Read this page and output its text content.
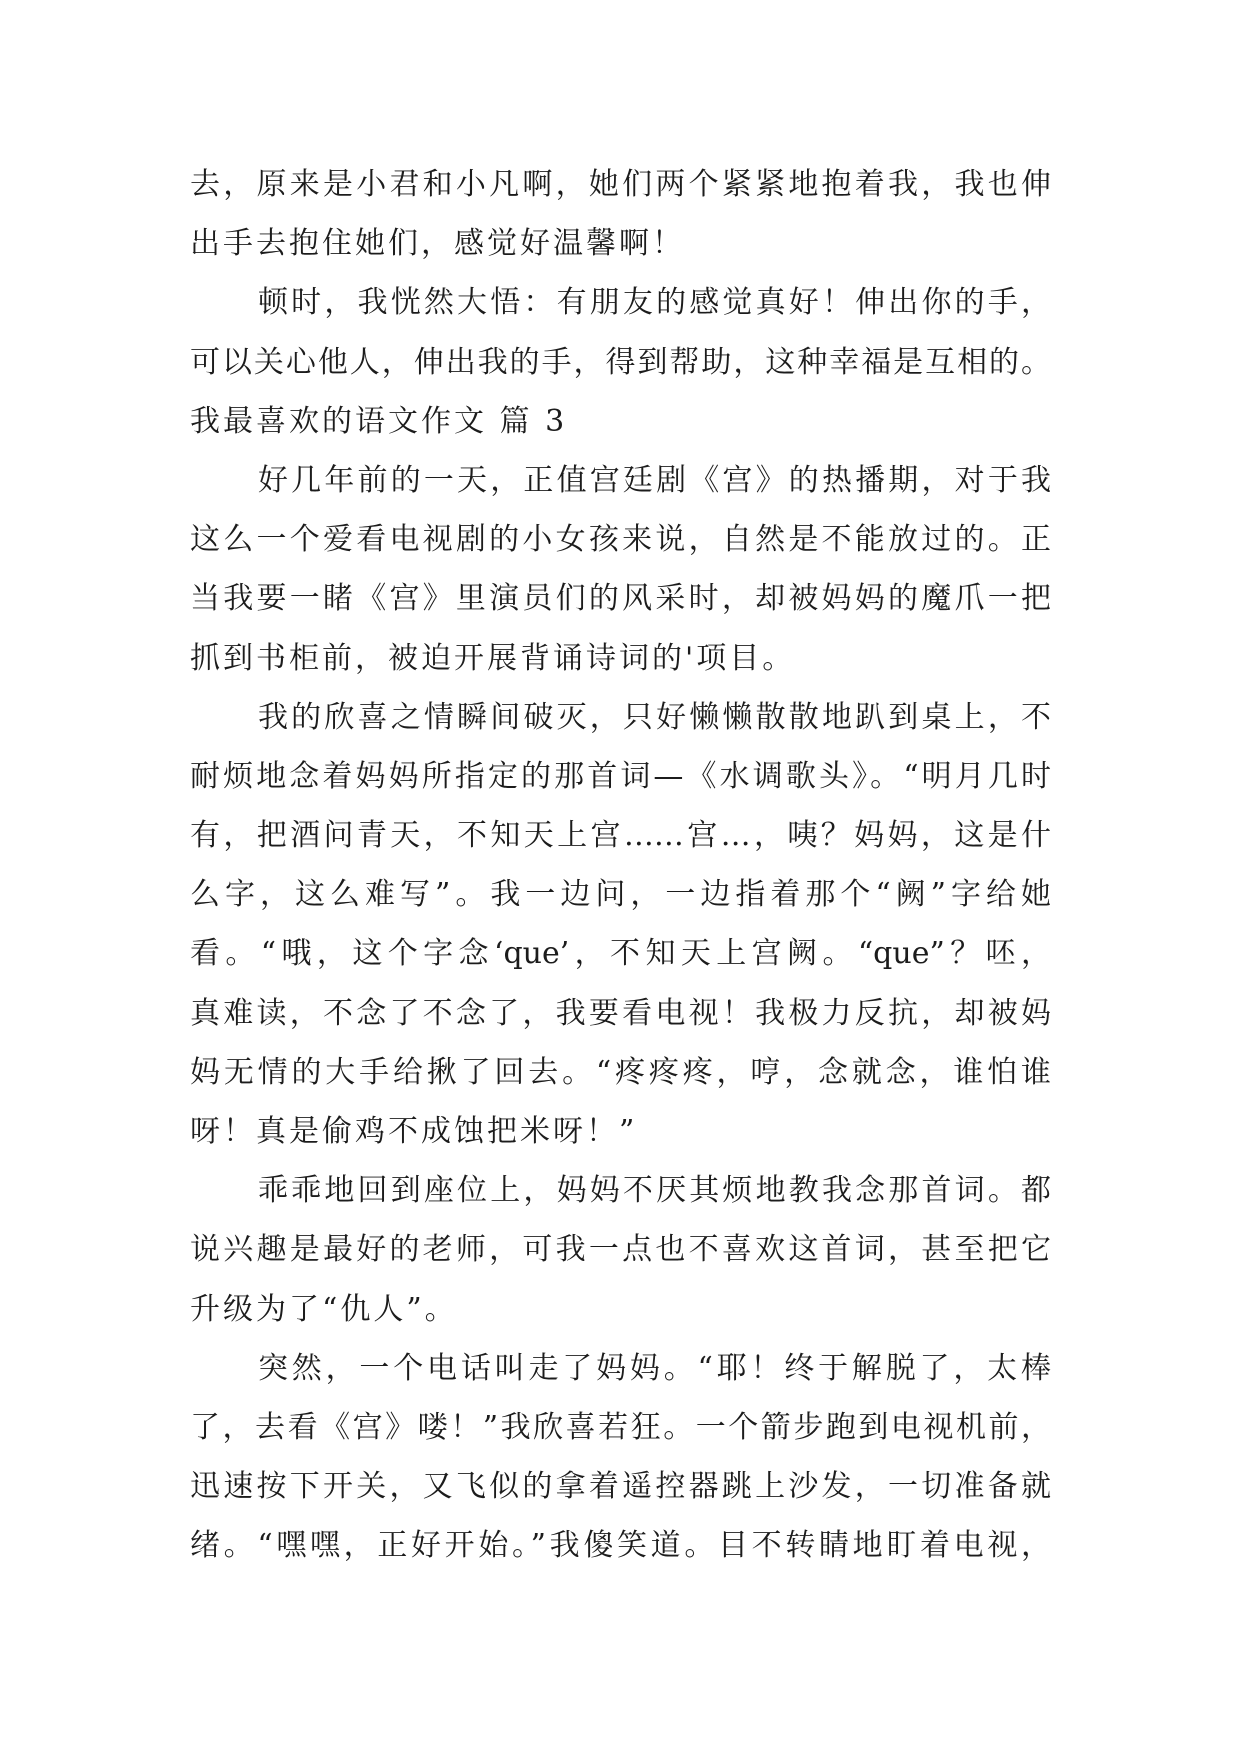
去，原来是小君和小凡啊，她们两个紧紧地抱着我，我也伸
出手去抱住她们，感觉好温馨啊！
顿时，我恍然大悟：有朋友的感觉真好！伸出你的手，
可以关心他人，伸出我的手，得到帮助，这种幸福是互相的。
我最喜欢的语文作文 篇 3
好几年前的一天，正值宫廷剧《宫》的热播期，对于我
这么一个爱看电视剧的小女孩来说，自然是不能放过的。正
当我要一睹《宫》里演员们的风采时，却被妈妈的魔爪一把
抓到书柜前，被迫开展背诵诗词的'项目。
我的欣喜之情瞬间破灭，只好懒懒散散地趴到桌上，不
耐烦地念着妈妈所指定的那首词—《水调歌头》。“明月几时
有，把酒问青天，不知天上宫……宫…，咦？妈妈，这是什
么字，这么难写”。我一边问，一边指着那个“阙”字给她
看。“哦，这个字念‘que’，不知天上宫阙。“que”？呸，
真难读，不念了不念了，我要看电视！我极力反抗，却被妈
妈无情的大手给揪了回去。“疼疼疼，哼，念就念，谁怕谁
呀！真是偷鸡不成蚀把米呀！”
乖乖地回到座位上，妈妈不厌其烦地教我念那首词。都
说兴趣是最好的老师，可我一点也不喜欢这首词，甚至把它
升级为了“仇人”。
突然，一个电话叫走了妈妈。“耶！终于解脱了，太棒
了，去看《宫》喽！”我欣喜若狂。一个箭步跑到电视机前，
迅速按下开关，又飞似的拿着遥控器跳上沙发，一切准备就
绪。“嘿嘿，正好开始。”我傻笑道。目不转睛地盯着电视，
